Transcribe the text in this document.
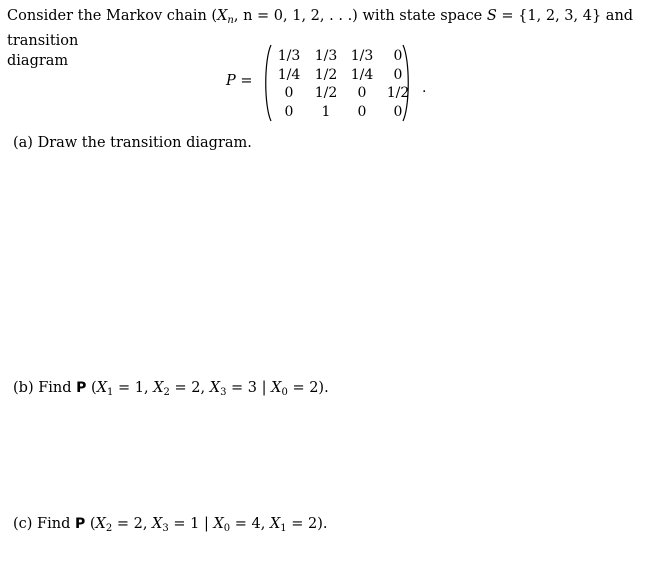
Consider the Markov chain ($X_n$, n = 0, 1, 2, . . .) with state space S = {1, 2, 3, 4} and transition
diagram
P =
1/3	1/3 1/3	0
1/4	1/2 1/4	0
0	1/2	0	1/2
0	1	0	0
.
(a) Draw the transition diagram.
(b) Find P ($X_1 = 1$, $X_2 = 2$, $X_3 = 3$ | $X_0 = 2$).
(c) Find P ($X_2 = 2$, $X_3 = 1$ | $X_0 = 4$, $X_1 = 2$).
